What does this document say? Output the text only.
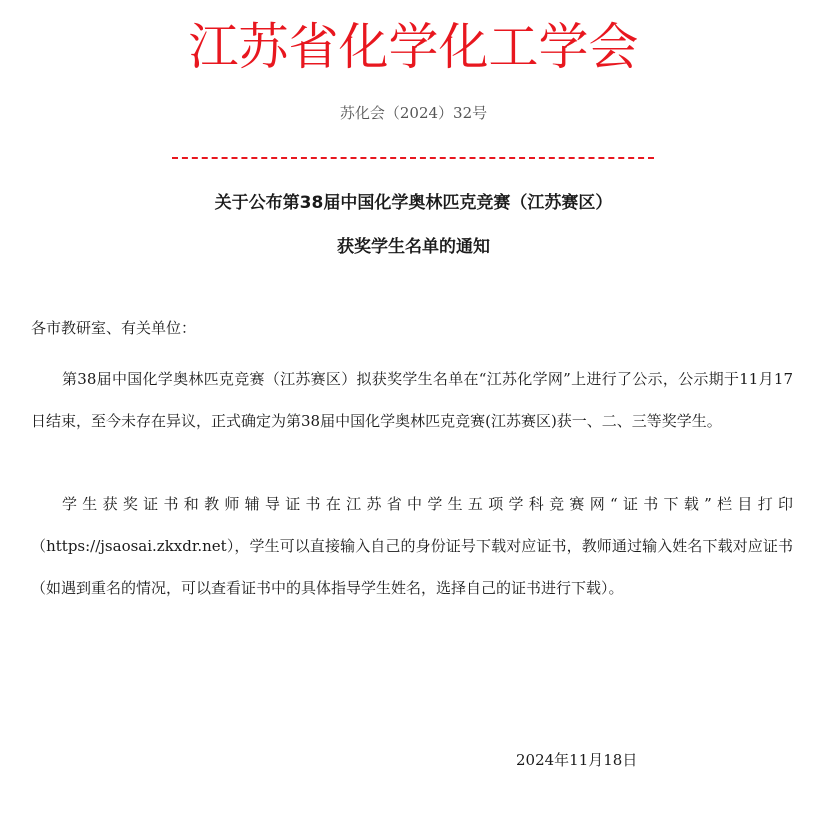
江苏省化学化工学会
苏化会（2024）32号
关于公布第38届中国化学奥林匹克竞赛（江苏赛区）
获奖学生名单的通知
各市教研室、有关单位：

第38届中国化学奥林匹克竞赛（江苏赛区）拟获奖学生名单在“江苏化学网”上进行了公示，公示期于11月17日结束，至今未存在异议，正式确定为第38届中国化学奥林匹克竞赛(江苏赛区)获一、二、三等奖学生。

学生获奖证书和教师辅导证书在江苏省中学生五项学科竞赛网“证书下载”栏目打印（https://jsaosai.zkxdr.net），学生可以直接输入自己的身份证号下载对应证书，教师通过输入姓名下载对应证书（如遇到重名的情况，可以查看证书中的具体指导学生姓名，选择自己的证书进行下载）。

2024年11月18日
